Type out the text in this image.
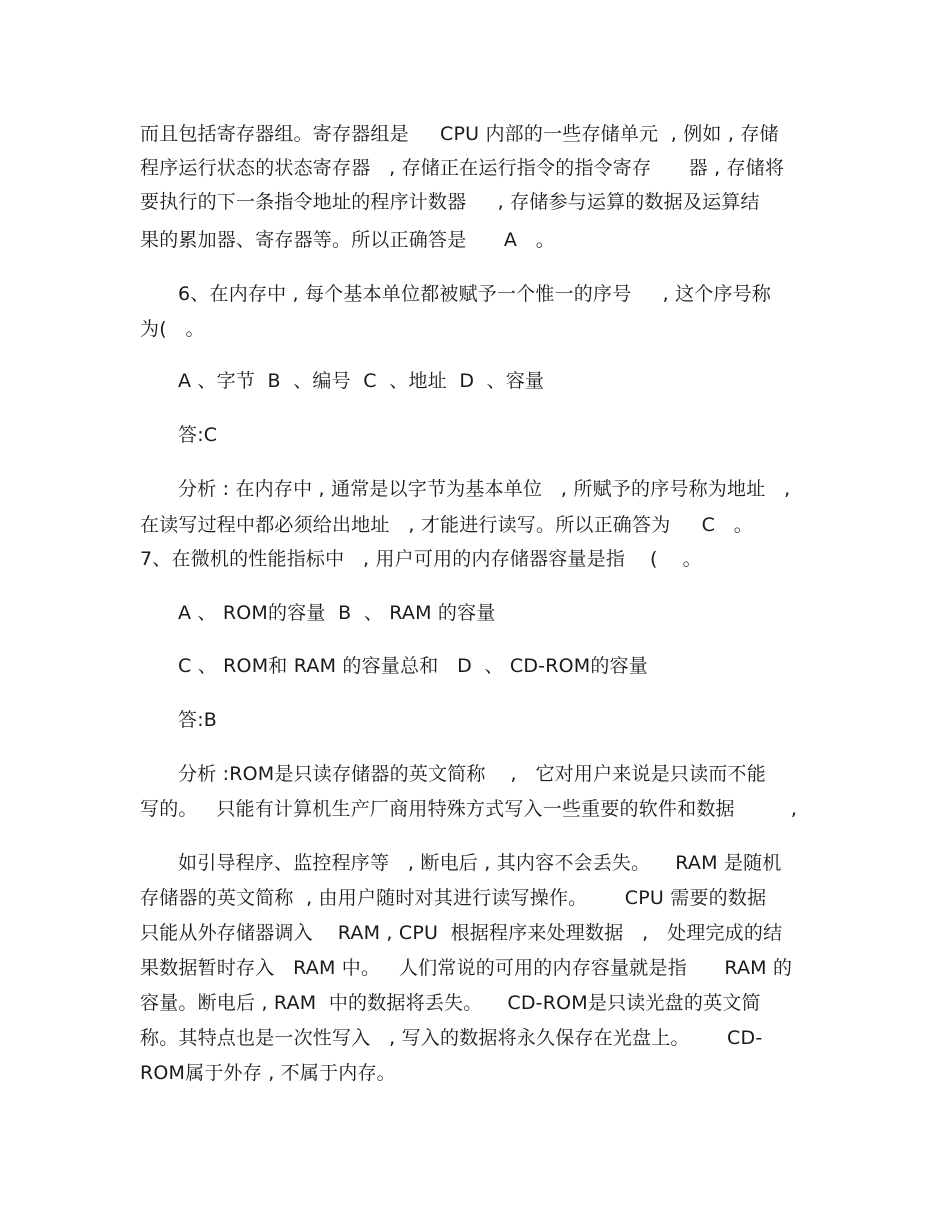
而且包括寄存器组。寄存器组是     CPU 内部的一些存储单元  , 例如 , 存储
程序运行状态的状态寄存器   , 存储正在运行指令的指令寄存      器 , 存储将
要执行的下一条指令地址的程序计数器     , 存储参与运算的数据及运算结
果的累加器、寄存器等。所以正确答是      A   。
6、在内存中 , 每个基本单位都被赋予一个惟一的序号     , 这个序号称
为(   。
A 、字节  B  、编号  C  、地址  D  、容量
答:C
分析 : 在内存中 , 通常是以字节为基本单位   , 所赋予的序号称为地址   ,
在读写过程中都必须给出地址   , 才能进行读写。所以正确答为     C   。
7、在微机的性能指标中   , 用户可用的内存储器容量是指    (    。
A 、 ROM的容量  B  、 RAM 的容量
C 、 ROM和 RAM 的容量总和   D  、 CD-ROM的容量
答:B
分析 :ROM是只读存储器的英文简称    ,   它对用户来说是只读而不能
写的。   只能有计算机生产厂商用特殊方式写入一些重要的软件和数据         ,
如引导程序、监控程序等   , 断电后 , 其内容不会丢失。    RAM 是随机
存储器的英文简称  , 由用户随时对其进行读写操作。      CPU 需要的数据
只能从外存储器调入    RAM , CPU  根据程序来处理数据   ,   处理完成的结
果数据暂时存入   RAM 中。   人们常说的可用的内存容量就是指      RAM 的
容量。断电后 , RAM  中的数据将丢失。    CD-ROM是只读光盘的英文简
称。其特点也是一次性写入   , 写入的数据将永久保存在光盘上。      CD-
ROM属于外存 , 不属于内存。
